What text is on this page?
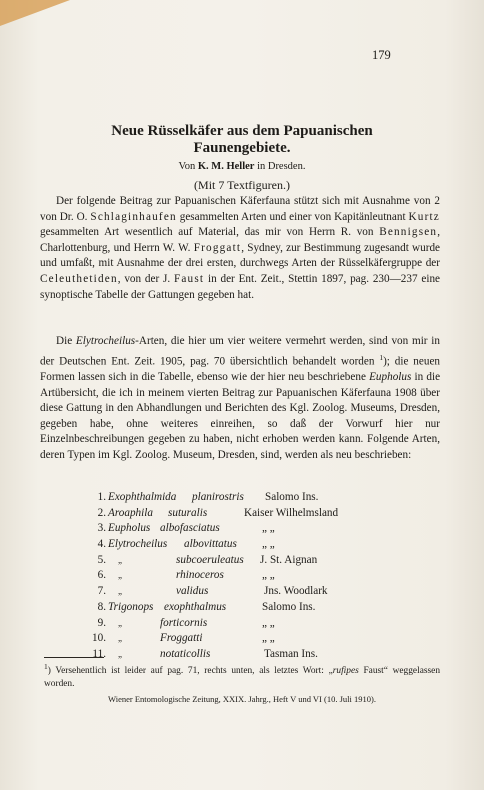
179
Neue Rüsselkäfer aus dem Papuanischen
Faunengebiete.
Von K. M. Heller in Dresden.
(Mit 7 Textfiguren.)
Der folgende Beitrag zur Papuanischen Käferfauna stützt sich mit Ausnahme von 2 von Dr. O. Schlaginhaufen gesammelten Arten und einer von Kapitänleutnant Kurtz gesammelten Art wesentlich auf Material, das mir von Herrn R. von Bennigsen, Charlottenburg, und Herrn W. W. Froggatt, Sydney, zur Bestimmung zugesandt wurde und umfaßt, mit Ausnahme der drei ersten, durchwegs Arten der Rüsselkäfergruppe der Celeuthetiden, von der J. Faust in der Ent. Zeit., Stettin 1897, pag. 230—237 eine synoptische Tabelle der Gattungen gegeben hat.
Die Elytrocheilus-Arten, die hier um vier weitere vermehrt werden, sind von mir in der Deutschen Ent. Zeit. 1905, pag. 70 übersichtlich behandelt worden $^1$); die neuen Formen lassen sich in die Tabelle, ebenso wie der hier neu beschriebene Eupholus in die Artübersicht, die ich in meinem vierten Beitrag zur Papuanischen Käferfauna 1908 über diese Gattung in den Abhandlungen und Berichten des Kgl. Zoolog. Museums, Dresden, gegeben habe, ohne weiteres einreihen, so daß der Vorwurf hier nur Einzelnbeschreibungen gegeben zu haben, nicht erhoben werden kann. Folgende Arten, deren Typen im Kgl. Zoolog. Museum, Dresden, sind, werden als neu beschrieben:
1. Exophthalmida planirostris Salomo Ins.
2. Aroaphila suturalis	Kaiser Wilhelmsland
3. Eupholus albofasciatus	„ „
4. Elytrocheilus albovittatus „ „
5. „	subcoeruleatus J. St. Aignan
6. „	rhinoceros	„ „
7. „	validus	Jns. Woodlark
8. Trigonops exophthalmus	Salomo Ins.
9. „	forticornis	„ „
10. „	Froggatti	„ „
11. „	notaticollis	Tasman Ins.
$^1$) Versehentlich ist leider auf pag. 71, rechts unten, als letztes Wort: „rufipes Faust“ weggelassen worden.
Wiener Entomologische Zeitung, XXIX. Jahrg., Heft V und VI (10. Juli 1910).
